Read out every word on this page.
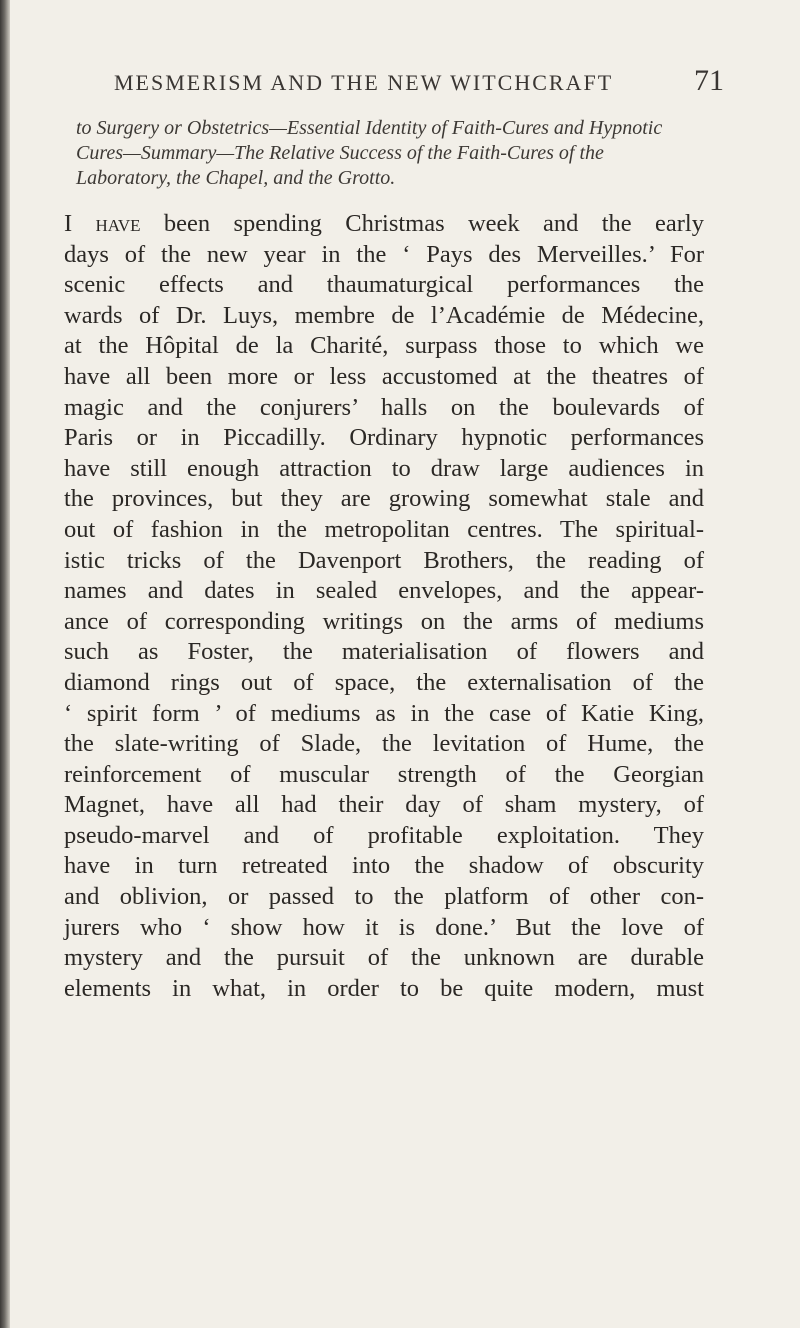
MESMERISM AND THE NEW WITCHCRAFT	71
to Surgery or Obstetrics—Essential Identity of Faith-Cures and Hypnotic Cures—Summary—The Relative Success of the Faith-Cures of the Laboratory, the Chapel, and the Grotto.
I have been spending Christmas week and the early
days of the new year in the ‘ Pays des Merveilles.’ For
scenic effects and thaumaturgical performances the
wards of Dr. Luys, membre de l’Académie de Médecine,
at the Hôpital de la Charité, surpass those to which we
have all been more or less accustomed at the theatres of
magic and the conjurers’ halls on the boulevards of
Paris or in Piccadilly. Ordinary hypnotic performances
have still enough attraction to draw large audiences in
the provinces, but they are growing somewhat stale and
out of fashion in the metropolitan centres. The spiritual-
istic tricks of the Davenport Brothers, the reading of
names and dates in sealed envelopes, and the appear-
ance of corresponding writings on the arms of mediums
such as Foster, the materialisation of flowers and
diamond rings out of space, the externalisation of the
‘ spirit form ’ of mediums as in the case of Katie King,
the slate-writing of Slade, the levitation of Hume, the
reinforcement of muscular strength of the Georgian
Magnet, have all had their day of sham mystery, of
pseudo-marvel and of profitable exploitation. They
have in turn retreated into the shadow of obscurity
and oblivion, or passed to the platform of other con-
jurers who ‘ show how it is done.’ But the love of
mystery and the pursuit of the unknown are durable
elements in what, in order to be quite modern, must
